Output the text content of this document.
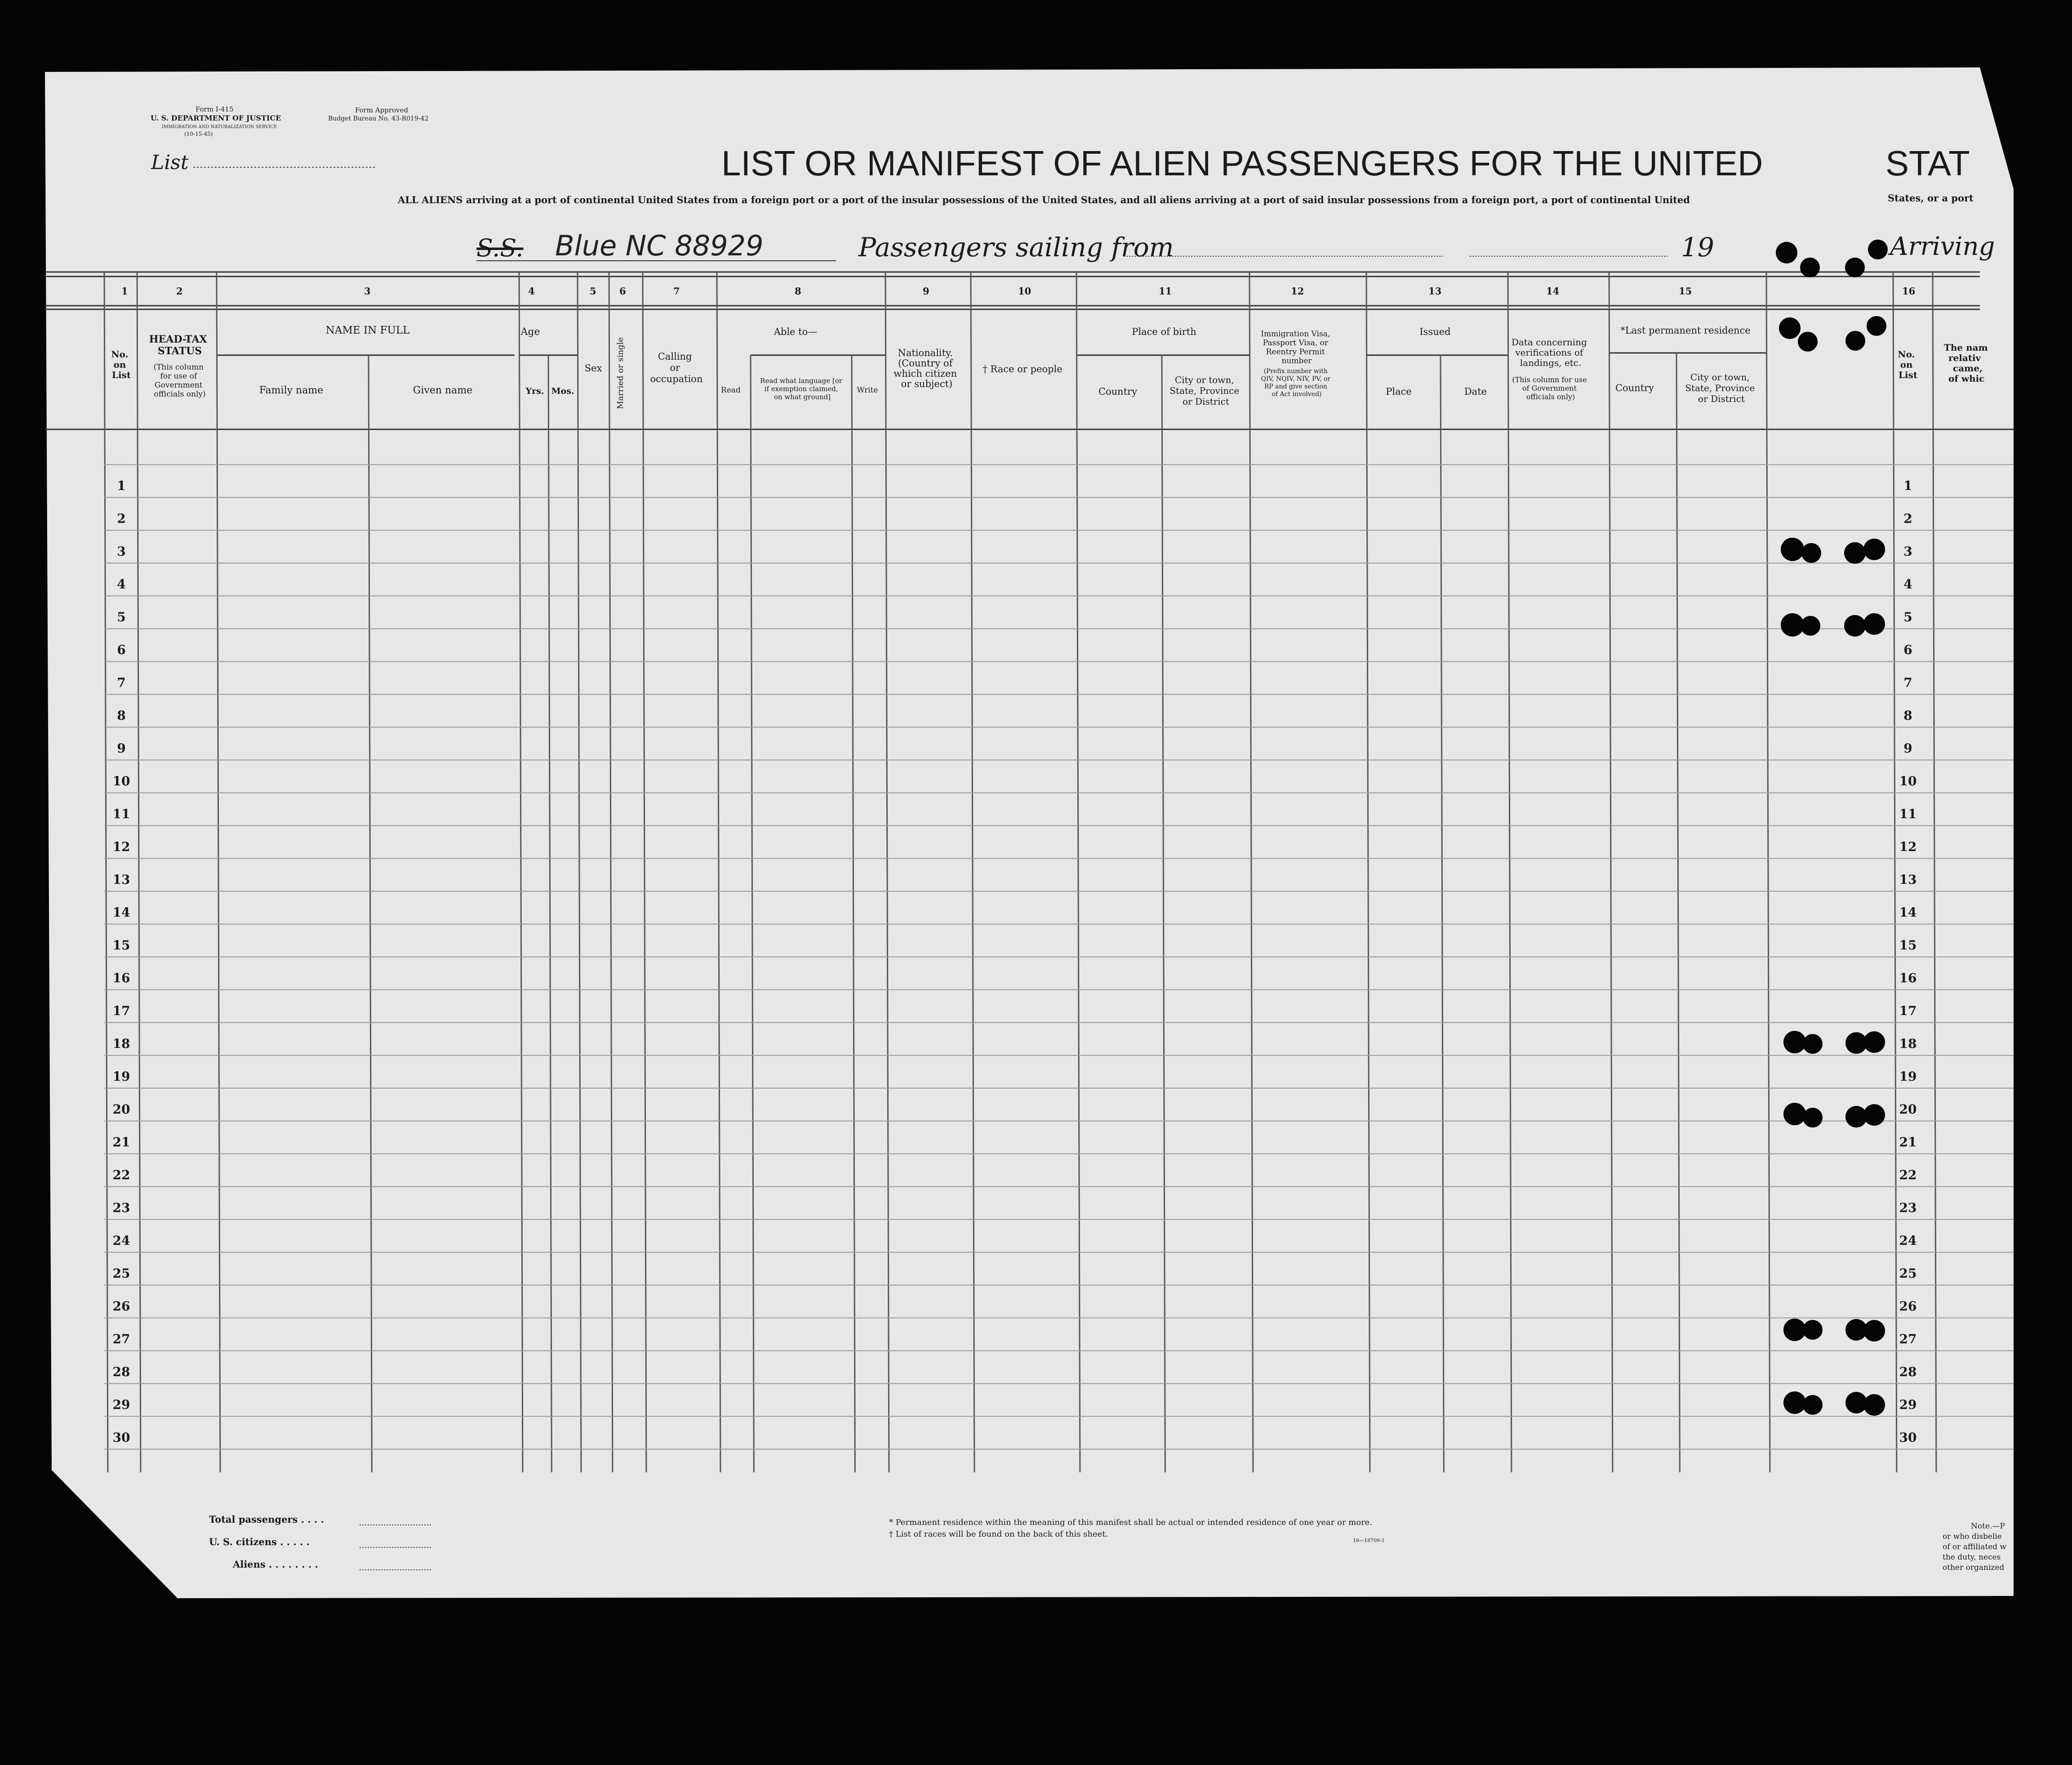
Form I-415
U. S. DEPARTMENT OF JUSTICE
IMMIGRATION AND NATURALIZATION SERVICE
(10-15-45)
Form Approved
Budget Bureau No. 43-R019-42
List	LIST OR MANIFEST OF ALIEN PASSENGERS FOR THE UNITED	STAT
ALL ALIENS arriving at a port of continental United States from a foreign port or a port of the insular possessions of the United States, and all aliens arriving at a port of said insular possessions from a foreign port, a port of continental United	States, or a port
S.S. Blue NC 88929	Passengers sailing from	19	Arriving
1	2	3	4	5 6	7	8	9	10	11	12	13	14	15	16
No. on List
HEAD-TAX STATUS
(This column for use of Government officials only)
NAME IN FULL
Family name	Given name
Age
Yrs. Mos.
Sex Married or single	Calling or occupation
Able to—
Read
Read what language [or if exemption claimed, on what ground]
Write
Nationality. (Country of which citizen or subject)
† Race or people
Place of birth
Country
City or town, State, Province or District
Immigration Visa, Passport Visa, or Reentry Permit number
(Prefix number with QIV, NQIV, NIV, PV, or RP and give section of Act involved)
Issued
Place	Date
Data concerning verifications of landings, etc.
(This column for use of Government officials only)
*Last permanent residence
Country
City or town, State, Province or District
No. on List
The nam relativ came, of whic
1	1
2	2
3	3
4	4
5	5
6	6
7	7
8	8
9	9
10	10
11	11
12	12
13	13
14	14
15	15
16	16
17	17
18	18
19	19
20	20
21	21
22	22
23	23
24	24
25	25
26	26
27	27
28	28
29	29
30	30
Total passengers . . . .
U. S. citizens . . . . .
Aliens . . . . . . . .
* Permanent residence within the meaning of this manifest shall be actual or intended residence of one year or more.
† List of races will be found on the back of this sheet.
16—18709-1
Note.—P
or who disbelie
of or affiliated w
the duty, neces
other organized
